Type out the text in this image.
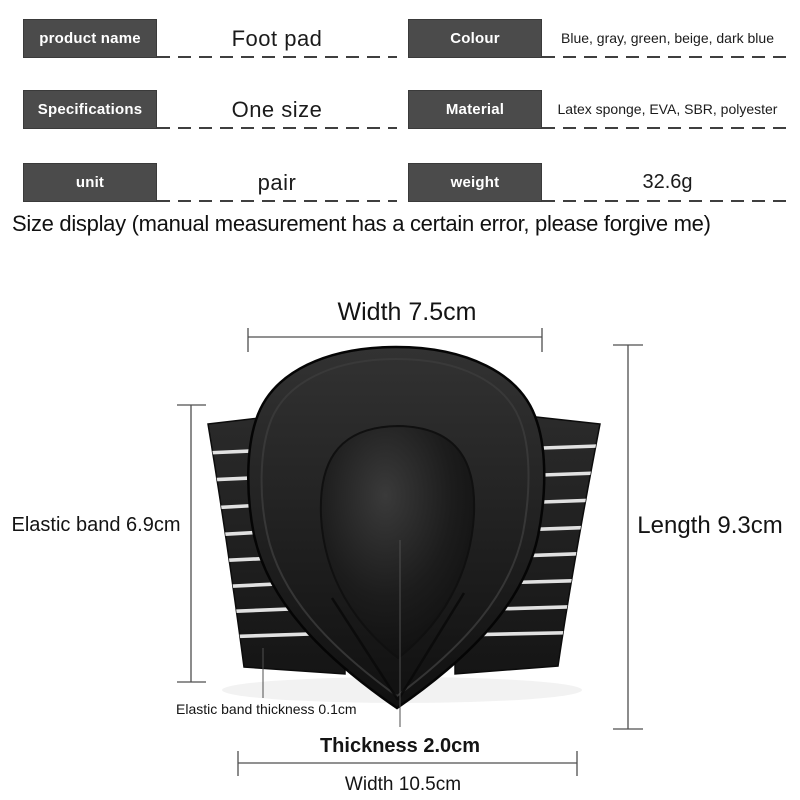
product name	Foot pad
Specifications	One size
unit	pair
Colour	Blue, gray, green, beige, dark blue
Material	Latex sponge, EVA, SBR, polyester
weight	32.6g
Size display (manual measurement has a certain error, please forgive me)
Width 7.5cm
Length 9.3cm
Elastic band 6.9cm
Elastic band thickness 0.1cm
Thickness 2.0cm
Width 10.5cm
